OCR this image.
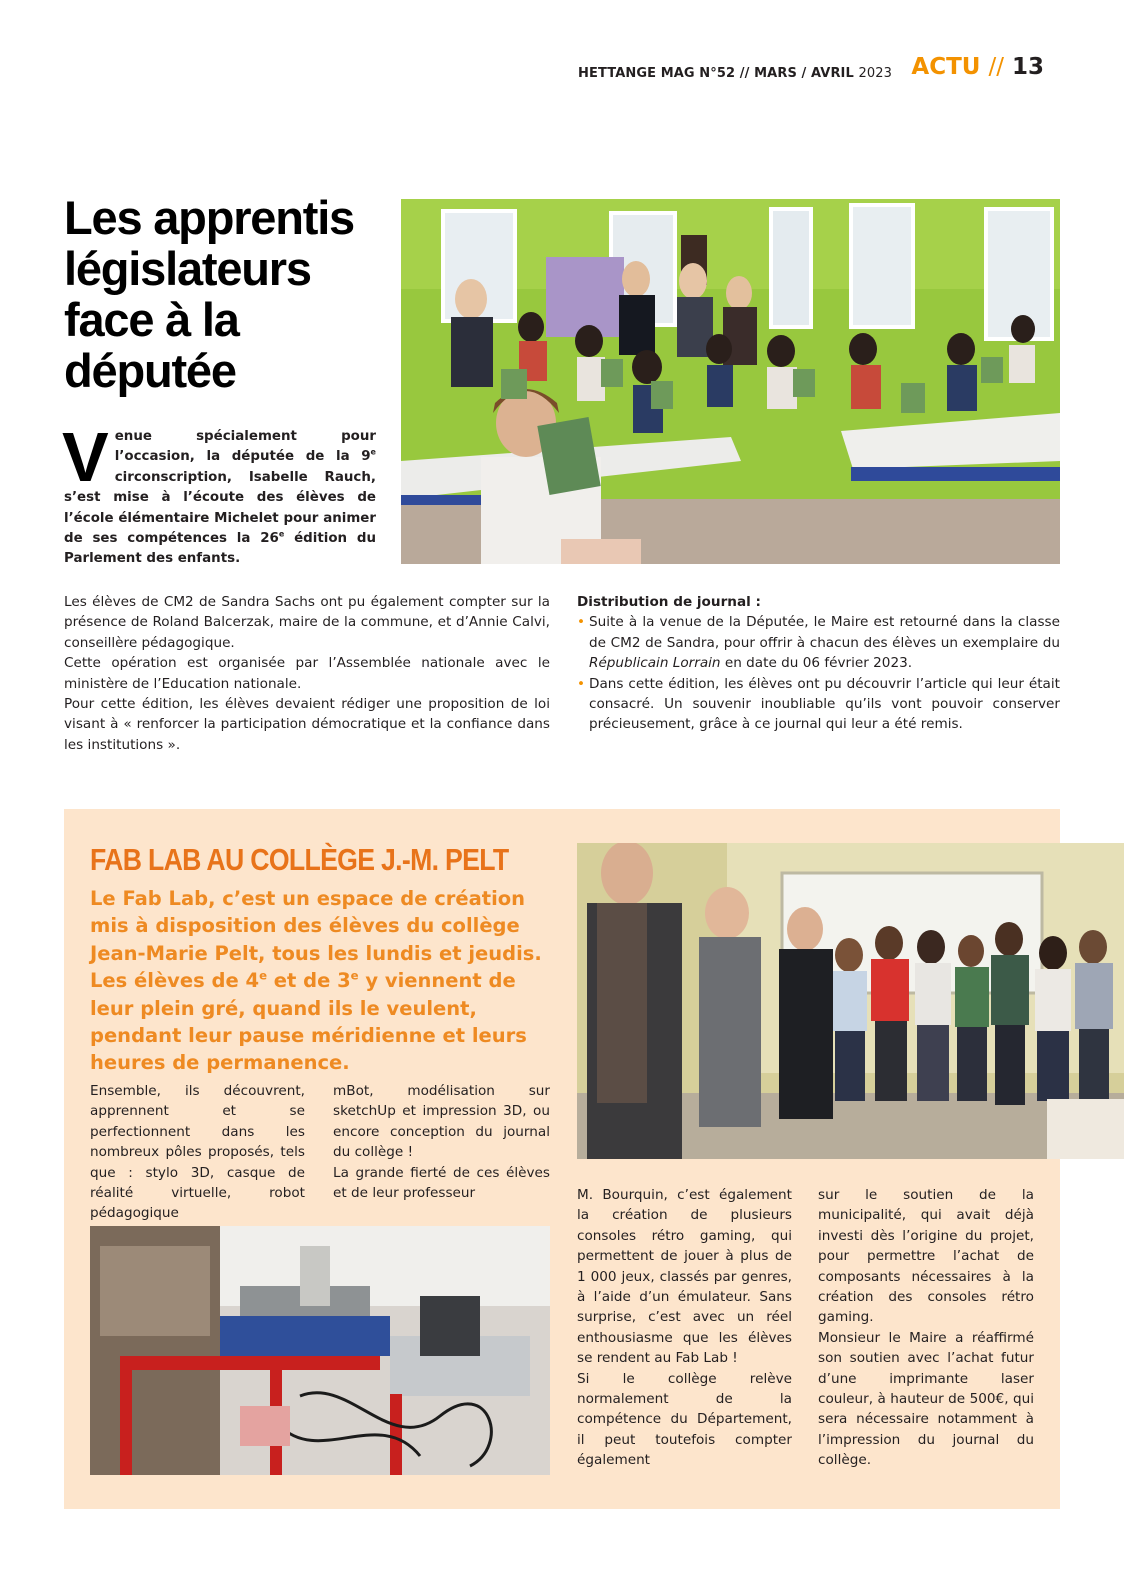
HETTANGE MAG N°52 // MARS / AVRIL 2023 ACTU // 13
Les apprentis législateurs face à la députée
Venue spécialement pour l’occasion, la députée de la 9e circonscription, Isabelle Rauch, s’est mise à l’écoute des élèves de l’école élémentaire Michelet pour animer de ses compétences la 26e édition du Parlement des enfants.

Les élèves de CM2 de Sandra Sachs ont pu également compter sur la présence de Roland Balcerzak, maire de la commune, et d’Annie Calvi, conseillère pédagogique.

Cette opération est organisée par l’Assemblée nationale avec le ministère de l’Education nationale.

Pour cette édition, les élèves devaient rédiger une proposition de loi visant à « renforcer la participation démocratique et la confiance dans les institutions ».

Distribution de journal :
• Suite à la venue de la Députée, le Maire est retourné dans la classe de CM2 de Sandra, pour offrir à chacun des élèves un exemplaire du Républicain Lorrain en date du 06 février 2023.
• Dans cette édition, les élèves ont pu découvrir l’article qui leur était consacré. Un souvenir inoubliable qu’ils vont pouvoir conserver précieusement, grâce à ce journal qui leur a été remis.
FAB LAB AU COLLÈGE J.-M. PELT
Le Fab Lab, c’est un espace de création mis à disposition des élèves du collège Jean-Marie Pelt, tous les lundis et jeudis. Les élèves de 4e et de 3e y viennent de leur plein gré, quand ils le veulent, pendant leur pause méridienne et leurs heures de permanence.

Ensemble, ils découvrent, apprennent et se perfectionnent dans les nombreux pôles proposés, tels que : stylo 3D, casque de réalité virtuelle, robot pédagogique

mBot, modélisation sur sketchUp et impression 3D, ou encore conception du journal du collège !

La grande fierté de ces élèves et de leur professeur	M. Bourquin, c’est également la création de plusieurs consoles rétro gaming, qui permettent de jouer à plus de 1 000 jeux, classés par genres, à l’aide d’un émulateur. Sans surprise, c’est avec un réel enthousiasme que les élèves se rendent au Fab Lab !

Si le collège relève normalement de la compétence du Département, il peut toutefois compter également

sur le soutien de la municipalité, qui avait déjà investi dès l’origine du projet, pour permettre l’achat de composants nécessaires à la création des consoles rétro gaming.

Monsieur le Maire a réaffirmé son soutien avec l’achat futur d’une imprimante laser couleur, à hauteur de 500€, qui sera nécessaire notamment à l’impression du journal du collège.
